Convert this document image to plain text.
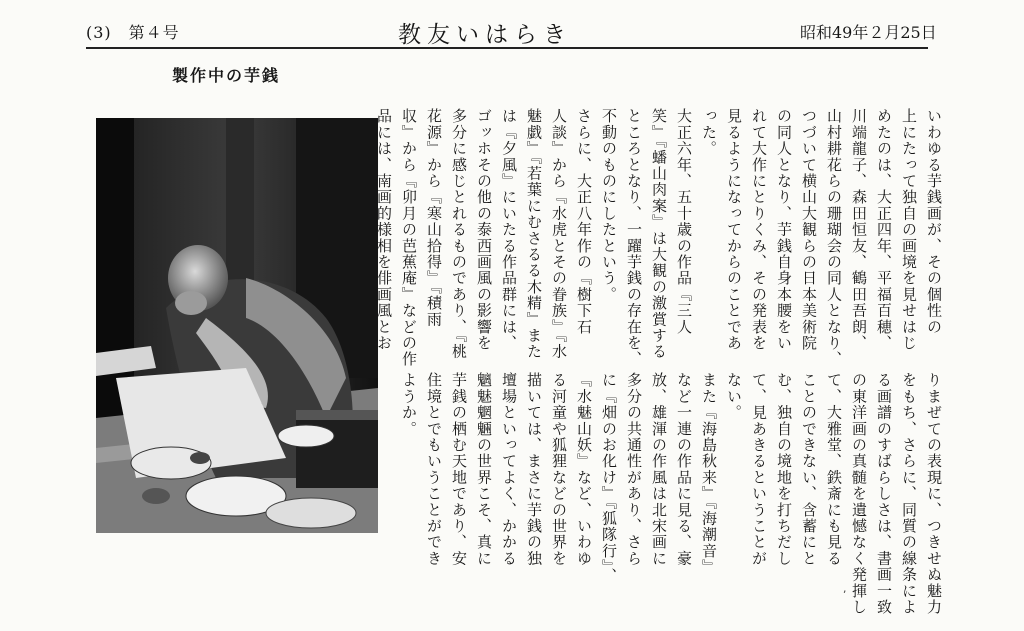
(3)　第４号	教友いはらき	昭和49年２月25日
製作中の芋銭
いわゆる芋銭画が、その個性の
上にたって独自の画境を見せはじ
めたのは、大正四年、平福百穂、
川端龍子、森田恒友、鶴田吾朗、
山村耕花らの珊瑚会の同人となり、
つづいて横山大観らの日本美術院
の同人となり、芋銭自身本腰をい
れて大作にとりくみ、その発表を
見るようになってからのことであ
った。
大正六年、五十歳の作品『三人
笑』『蟠山肉案』は大観の激賞する
ところとなり、一躍芋銭の存在を、
不動のものにしたという。
さらに、大正八年作の『樹下石
人談』から『水虎とその眷族』『水
魅戯』『若葉にむさるる木精』また
は『夕風』にいたる作品群には、
ゴッホその他の泰西画風の影響を
多分に感じとれるものであり、『桃
花源』から『寒山拾得』『積雨
収』から『卯月の芭蕉庵』などの作
品には、南画的様相を俳画風とお
りまぜての表現に、つきせぬ魅力
をもち、さらに、同質の線条によ
る画譜のすばらしさは、書画一致
の東洋画の真髄を遺憾なく発揮し
て、大雅堂、鉄斎にも見る
ことのできない、含蓄にと
む、独自の境地を打ちだし
て、見あきるということが
ない。
また『海島秋来』『海潮音』
など一連の作品に見る、豪
放、雄渾の作風は北宋画に
多分の共通性があり、さら
に『畑のお化け』『狐隊行』、
『水魅山妖』など、いわゆ
る河童や狐狸などの世界を
描いては、まさに芋銭の独
壇場といってよく、かかる
魑魅魍魎の世界こそ、真に
芋銭の栖む天地であり、安
住境とでもいうことができ
ようか。
’
